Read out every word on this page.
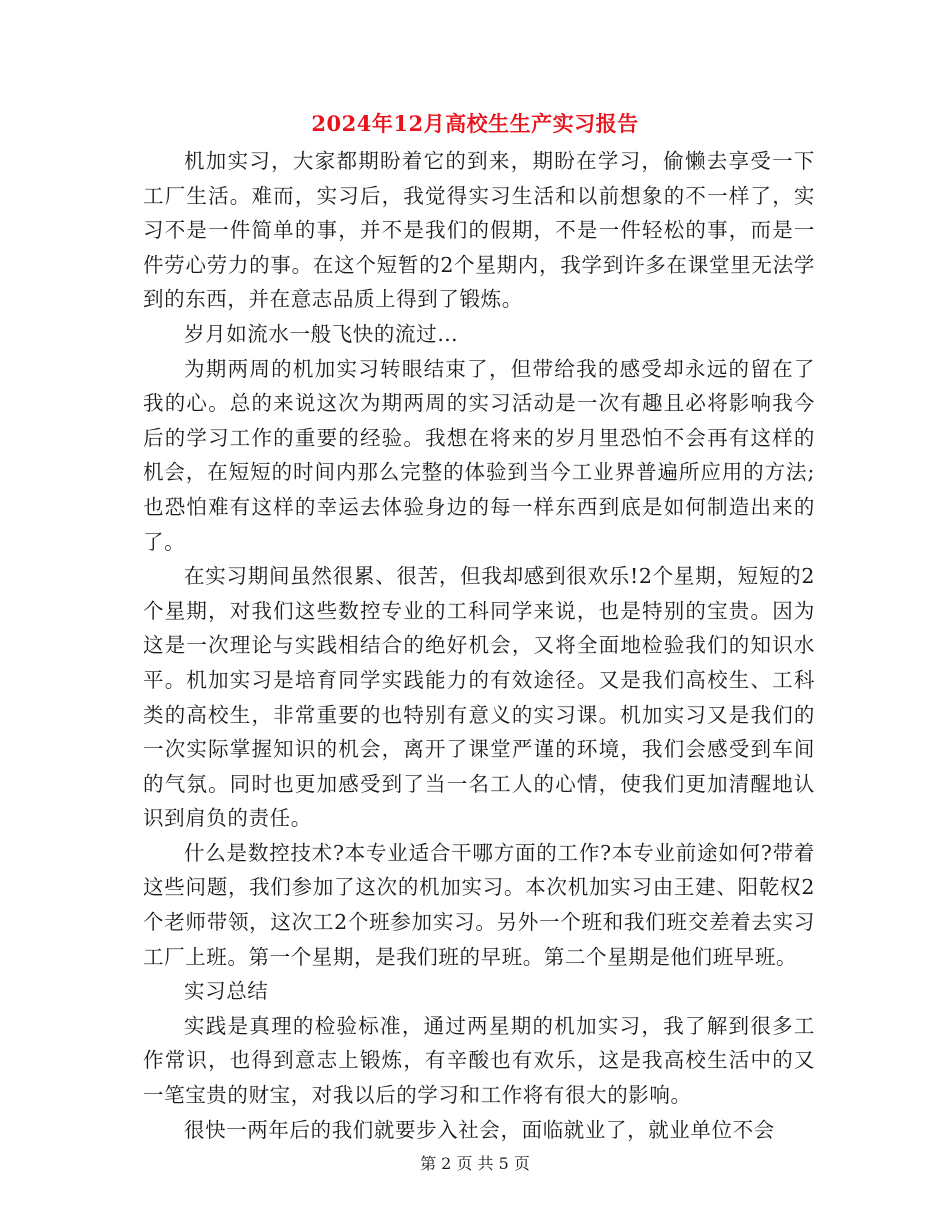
2024年12月高校生生产实习报告

机加实习，大家都期盼着它的到来，期盼在学习，偷懒去享受一下工厂生活。难而，实习后，我觉得实习生活和以前想象的不一样了，实习不是一件简单的事，并不是我们的假期，不是一件轻松的事，而是一件劳心劳力的事。在这个短暂的2个星期内，我学到许多在课堂里无法学到的东西，并在意志品质上得到了锻炼。

岁月如流水一般飞快的流过…

为期两周的机加实习转眼结束了，但带给我的感受却永远的留在了我的心。总的来说这次为期两周的实习活动是一次有趣且必将影响我今后的学习工作的重要的经验。我想在将来的岁月里恐怕不会再有这样的机会，在短短的时间内那么完整的体验到当今工业界普遍所应用的方法;也恐怕难有这样的幸运去体验身边的每一样东西到底是如何制造出来的了。

在实习期间虽然很累、很苦，但我却感到很欢乐!2个星期，短短的2个星期，对我们这些数控专业的工科同学来说，也是特别的宝贵。因为这是一次理论与实践相结合的绝好机会，又将全面地检验我们的知识水平。机加实习是培育同学实践能力的有效途径。又是我们高校生、工科类的高校生，非常重要的也特别有意义的实习课。机加实习又是我们的一次实际掌握知识的机会，离开了课堂严谨的环境，我们会感受到车间的气氛。同时也更加感受到了当一名工人的心情，使我们更加清醒地认识到肩负的责任。

什么是数控技术?本专业适合干哪方面的工作?本专业前途如何?带着这些问题，我们参加了这次的机加实习。本次机加实习由王建、阳乾权2个老师带领，这次工2个班参加实习。另外一个班和我们班交差着去实习工厂上班。第一个星期，是我们班的早班。第二个星期是他们班早班。

实习总结

实践是真理的检验标准，通过两星期的机加实习，我了解到很多工作常识，也得到意志上锻炼，有辛酸也有欢乐，这是我高校生活中的又一笔宝贵的财宝，对我以后的学习和工作将有很大的影响。

很快一两年后的我们就要步入社会，面临就业了，就业单位不会

第 2 页 共 5 页
